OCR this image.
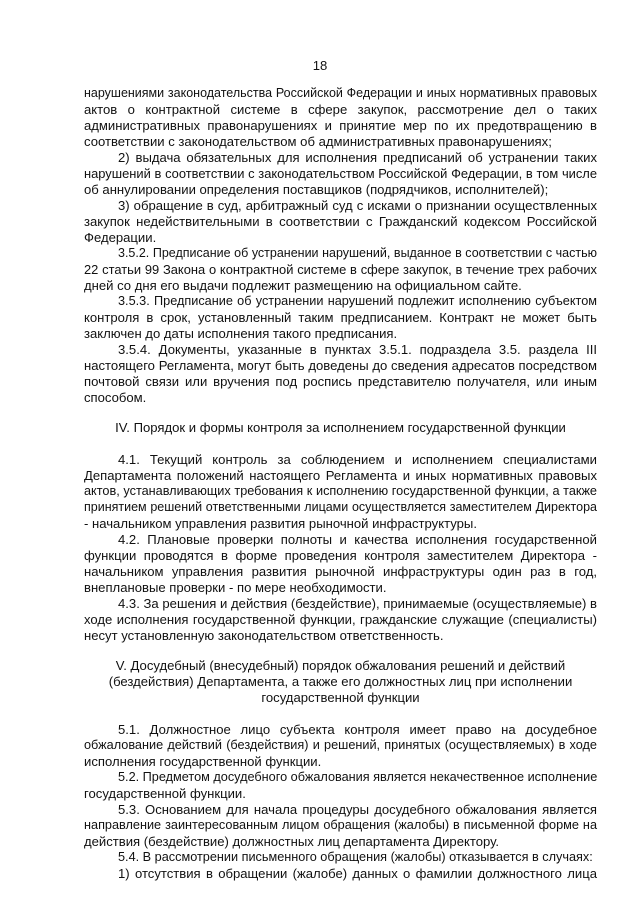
18
нарушениями законодательства Российской Федерации и иных нормативных правовых
актов о контрактной системе в сфере закупок, рассмотрение дел о таких
административных правонарушениях и принятие мер по их предотвращению в
соответствии с законодательством об административных правонарушениях;
2) выдача обязательных для исполнения предписаний об устранении таких
нарушений в соответствии с законодательством Российской Федерации, в том числе
об аннулировании определения поставщиков (подрядчиков, исполнителей);
3) обращение в суд, арбитражный суд с исками о признании осуществленных
закупок недействительными в соответствии с Гражданский кодексом Российской
Федерации.
3.5.2. Предписание об устранении нарушений, выданное в соответствии с частью
22 статьи 99 Закона о контрактной системе в сфере закупок, в течение трех рабочих
дней со дня его выдачи подлежит размещению на официальном сайте.
3.5.3. Предписание об устранении нарушений подлежит исполнению субъектом
контроля в срок, установленный таким предписанием. Контракт не может быть
заключен до даты исполнения такого предписания.
3.5.4. Документы, указанные в пунктах 3.5.1. подраздела 3.5. раздела III
настоящего Регламента, могут быть доведены до сведения адресатов посредством
почтовой связи или вручения под роспись представителю получателя, или иным
способом.
IV. Порядок и формы контроля за исполнением государственной функции
4.1. Текущий контроль за соблюдением и исполнением специалистами
Департамента положений настоящего Регламента и иных нормативных правовых
актов, устанавливающих требования к исполнению государственной функции, а также
принятием решений ответственными лицами осуществляется заместителем Директора
- начальником управления развития рыночной инфраструктуры.
4.2. Плановые проверки полноты и качества исполнения государственной
функции проводятся в форме проведения контроля заместителем Директора -
начальником управления развития рыночной инфраструктуры один раз в год,
внеплановые проверки - по мере необходимости.
4.3. За решения и действия (бездействие), принимаемые (осуществляемые) в
ходе исполнения государственной функции, гражданские служащие (специалисты)
несут установленную законодательством ответственность.
V. Досудебный (внесудебный) порядок обжалования решений и действий
(бездействия) Департамента, а также его должностных лиц при исполнении
государственной функции
5.1. Должностное лицо субъекта контроля имеет право на досудебное
обжалование действий (бездействия) и решений, принятых (осуществляемых) в ходе
исполнения государственной функции.
5.2. Предметом досудебного обжалования является некачественное исполнение
государственной функции.
5.3. Основанием для начала процедуры досудебного обжалования является
направление заинтересованным лицом обращения (жалобы) в письменной форме на
действия (бездействие) должностных лиц департамента Директору.
5.4. В рассмотрении письменного обращения (жалобы) отказывается в случаях:
1) отсутствия в обращении (жалобе) данных о фамилии должностного лица
